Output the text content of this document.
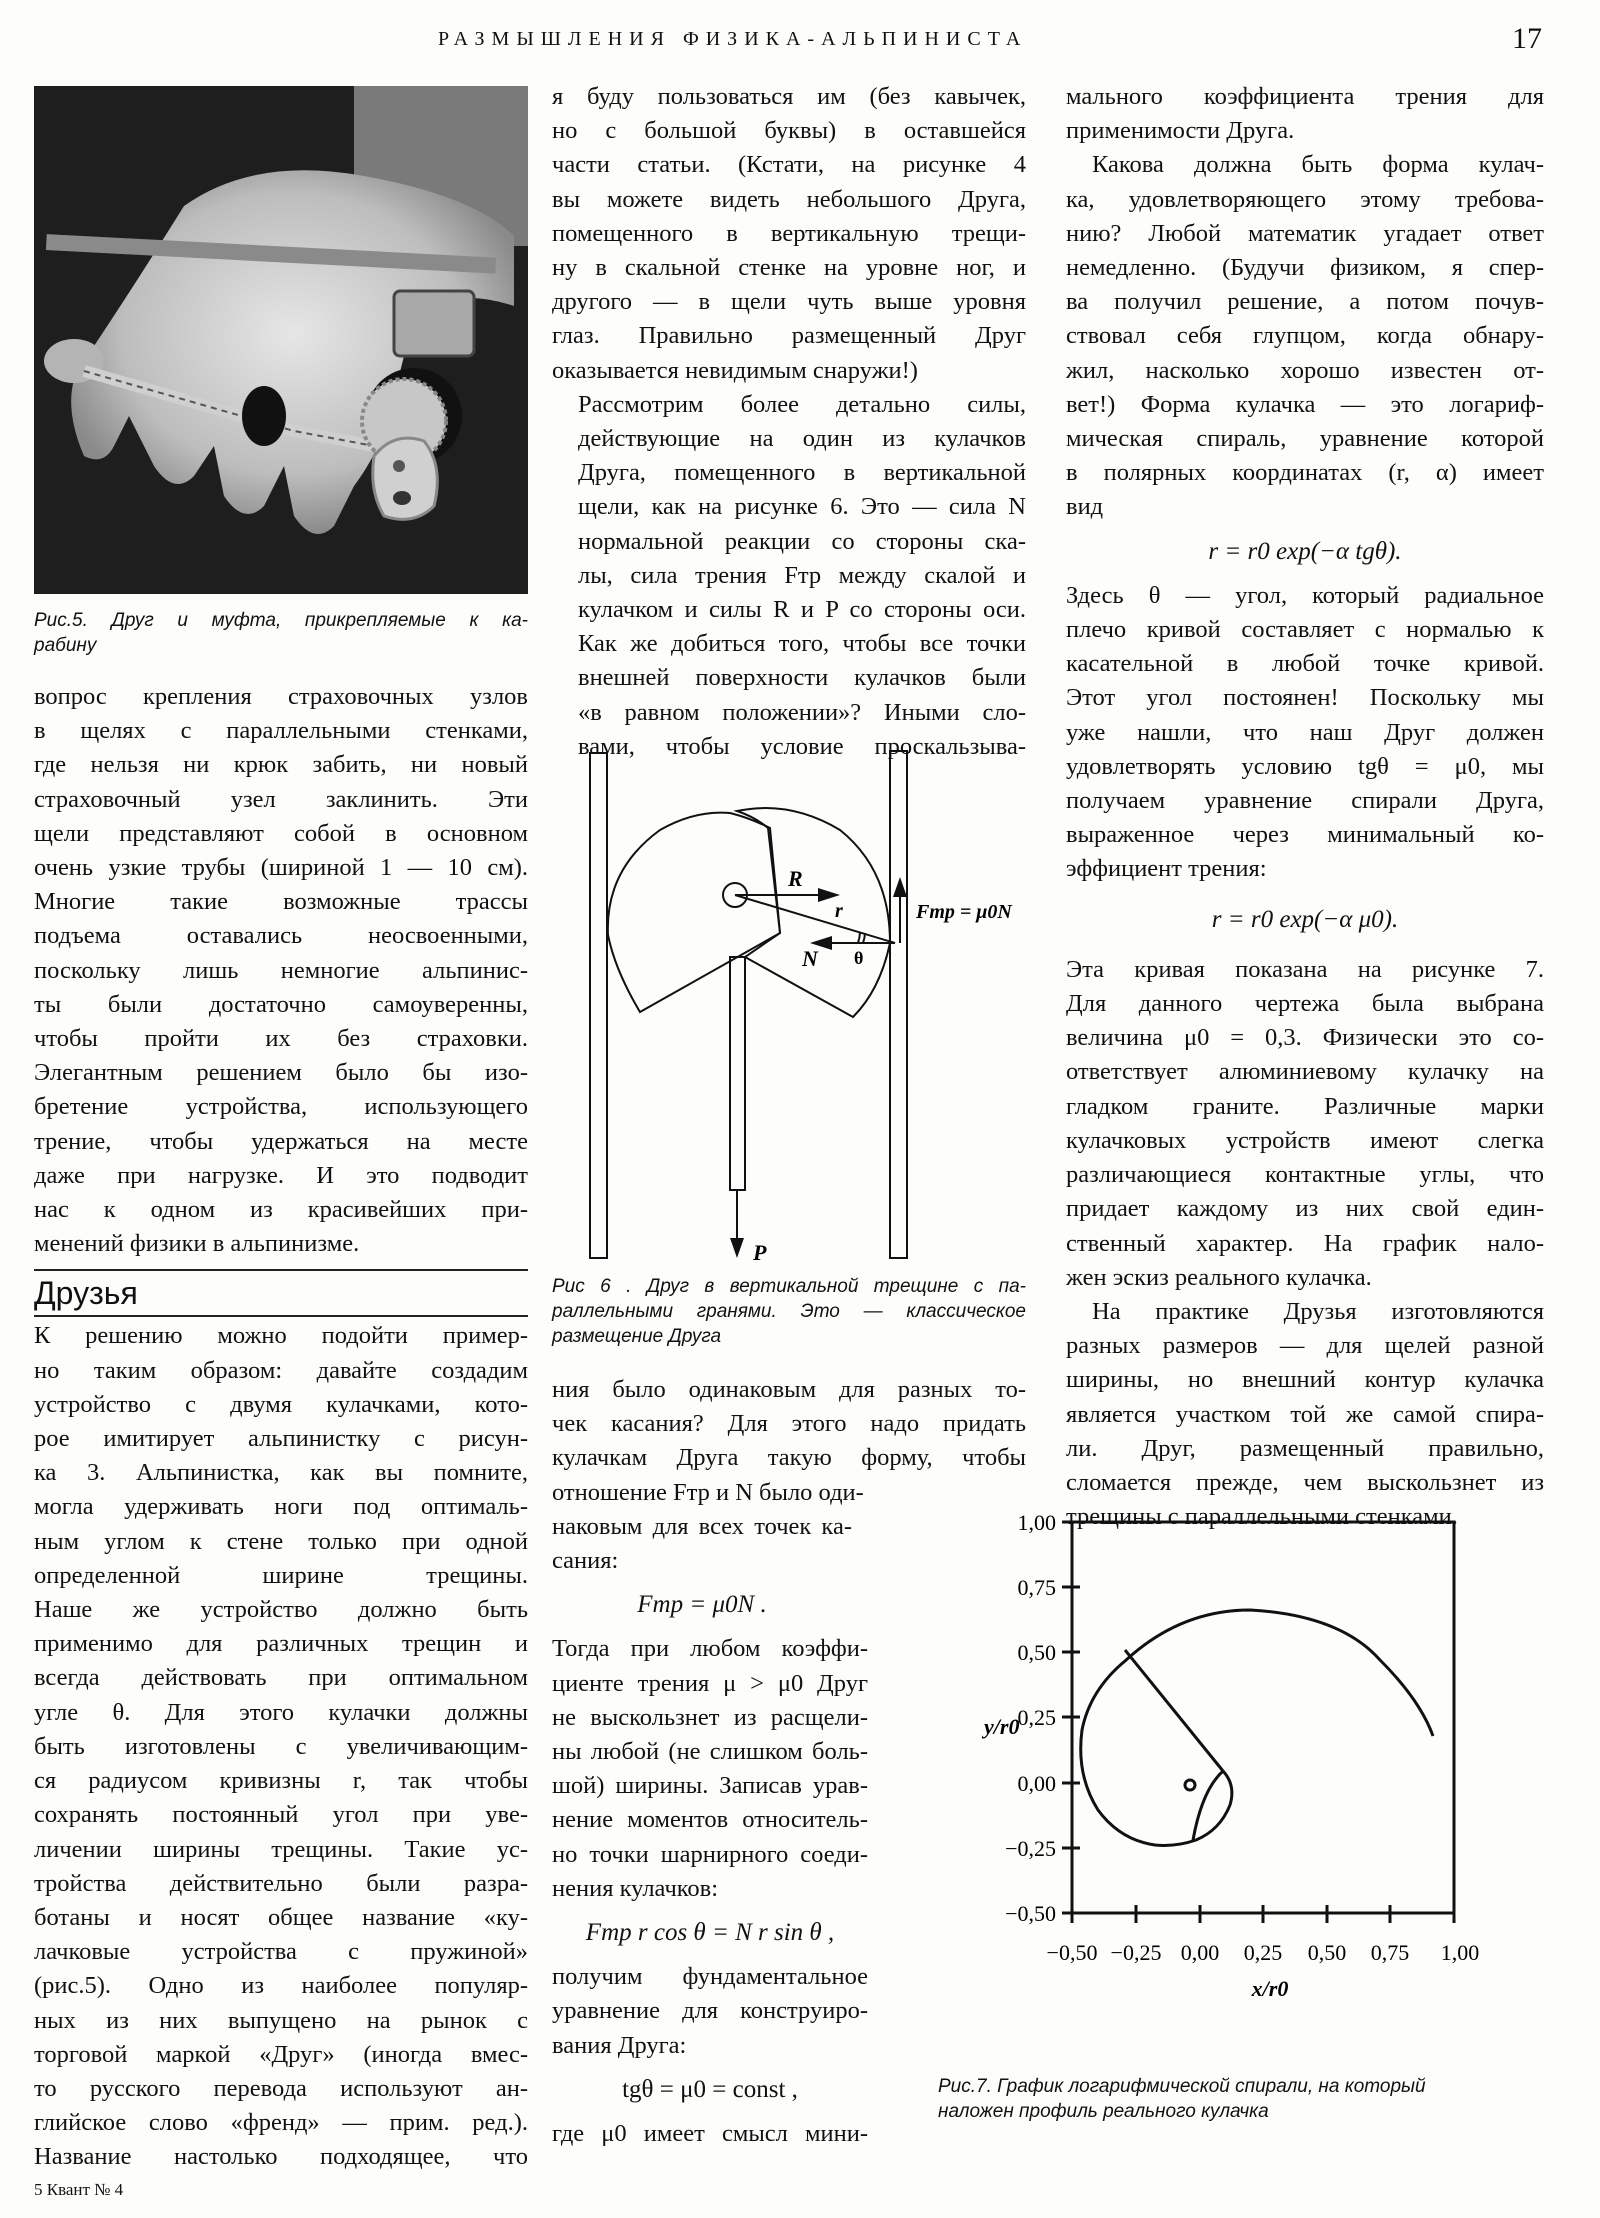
РАЗМЫШЛЕНИЯ ФИЗИКА-АЛЬПИНИСТА	17
Рис.5. Друг и муфта, прикрепляемые к ка-
рабину

вопрос крепления страховочных узлов
в щелях с параллельными стенками,
где нельзя ни крюк забить, ни новый
страховочный узел заклинить. Эти
щели представляют собой в основном
очень узкие трубы (шириной 1 — 10 см).
Многие такие возможные трассы
подъема оставались неосвоенными,
поскольку лишь немногие альпинис-
ты были достаточно самоуверенны,
чтобы пройти их без страховки.
Элегантным решением было бы изо-
бретение устройства, использующего
трение, чтобы удержаться на месте
даже при нагрузке. И это подводит
нас к одном из красивейших при-
менений физики в альпинизме.

Друзья

К решению можно подойти пример-
но таким образом: давайте создадим
устройство с двумя кулачками, кото-
рое имитирует альпинистку с рисун-
ка 3. Альпинистка, как вы помните,
могла удерживать ноги под оптималь-
ным углом к стене только при одной
определенной ширине трещины.
Наше же устройство должно быть
применимо для различных трещин и
всегда действовать при оптимальном
угле θ. Для этого кулачки должны
быть изготовлены с увеличивающим-
ся радиусом кривизны r, так чтобы
сохранять постоянный угол при уве-
личении ширины трещины. Такие ус-
тройства действительно были разра-
ботаны и носят общее название «ку-
лачковые устройства с пружиной»
(рис.5). Одно из наиболее популяр-
ных из них выпущено на рынок с
торговой маркой «Друг» (иногда вмес-
то русского перевода используют ан-
глийское слово «френд» — прим. ред.).
Название настолько подходящее, что

я буду пользоваться им (без кавычек,
но с большой буквы) в оставшейся
части статьи. (Кстати, на рисунке 4
вы можете видеть небольшого Друга,
помещенного в вертикальную трещи-
ну в скальной стенке на уровне ног, и
другого — в щели чуть выше уровня
глаз. Правильно размещенный Друг
оказывается невидимым снаружи!)

Рассмотрим более детально силы,
действующие на один из кулачков
Друга, помещенного в вертикальной
щели, как на рисунке 6. Это — сила N
нормальной реакции со стороны ска-
лы, сила трения Fтр между скалой и
кулачком и силы R и P со стороны оси.
Как же добиться того, чтобы все точки
внешней поверхности кулачков были
«в равном положении»? Иными сло-
вами, чтобы условие проскальзыва-

R
r
N θ
P
Fтр = μ0N
Рис 6 . Друг в вертикальной трещине с па-
раллельными гранями. Это — классическое
размещение Друга

ния было одинаковым для разных то-
чек касания? Для этого надо придать
кулачкам Друга такую форму, чтобы

отношение Fтр и N было оди-
наковым для всех точек ка-
сания:

Fтр = μ0N .

Тогда при любом коэффи-
циенте трения μ > μ0 Друг
не выскользнет из расщели-
ны любой (не слишком боль-
шой) ширины. Записав урав-
нение моментов относитель-
но точки шарнирного соеди-
нения кулачков:

Fтр r cos θ = N r sin θ ,

получим фундаментальное
уравнение для конструиро-
вания Друга:

tgθ = μ0 = const ,

где μ0 имеет смысл мини-

мального коэффициента трения для
применимости Друга.

Какова должна быть форма кулач-
ка, удовлетворяющего этому требова-
нию? Любой математик угадает ответ
немедленно. (Будучи физиком, я спер-
ва получил решение, а потом почув-
ствовал себя глупцом, когда обнару-
жил, насколько хорошо известен от-
вет!) Форма кулачка — это логариф-
мическая спираль, уравнение которой
в полярных координатах (r, α) имеет
вид

r = r0 exp(−α tgθ).

Здесь θ — угол, который радиальное
плечо кривой составляет с нормалью к
касательной в любой точке кривой.
Этот угол постоянен! Поскольку мы
уже нашли, что наш Друг должен
удовлетворять условию tgθ = μ0, мы
получаем уравнение спирали Друга,
выраженное через минимальный ко-
эффициент трения:

r = r0 exp(−α μ0).

Эта кривая показана на рисунке 7.
Для данного чертежа была выбрана
величина μ0 = 0,3. Физически это со-
ответствует алюминиевому кулачку на
гладком граните. Различные марки
кулачковых устройств имеют слегка
различающиеся контактные углы, что
придает каждому из них свой един-
ственный характер. На график нало-
жен эскиз реального кулачка.

На практике Друзья изготовляются
разных размеров — для щелей разной
ширины, но внешний контур кулачка
является участком той же самой спира-
ли. Друг, размещенный правильно,
сломается прежде, чем выскользнет из
трещины с параллельными стенками.

1,00
0,75
0,50
0,25
0,00
−0,25
−0,50
−0,50 −0,25 0,00 0,25 0,50 0,75 1,00
x/r0
y/r0
Рис.7. График логарифмической спирали, на который
наложен профиль реального кулачка
5 Квант № 4
